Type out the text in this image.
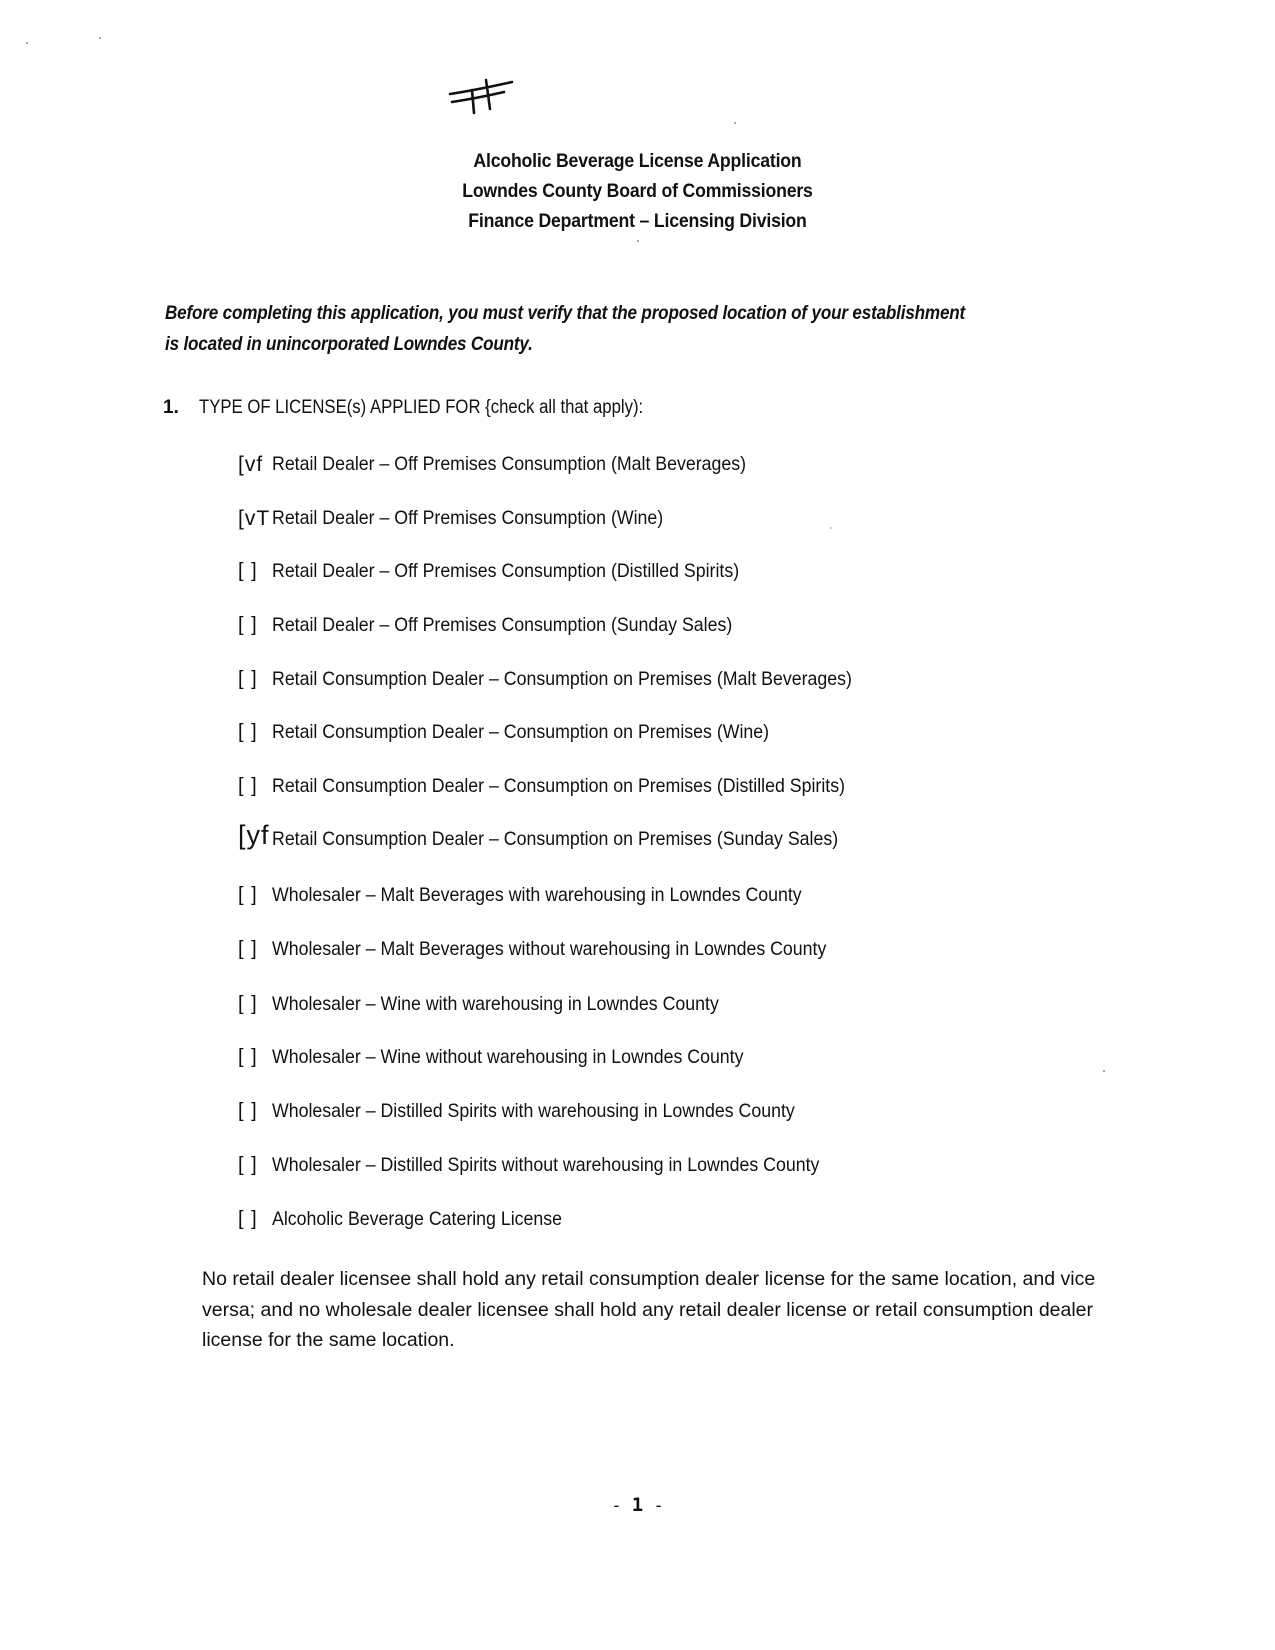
Alcoholic Beverage License Application
Lowndes County Board of Commissioners
Finance Department – Licensing Division
Before completing this application, you must verify that the proposed location of your establishment
is located in unincorporated Lowndes County.
1. TYPE OF LICENSE(s) APPLIED FOR {check all that apply):
[vf Retail Dealer – Off Premises Consumption (Malt Beverages)
[vТ Retail Dealer – Off Premises Consumption (Wine)
[ ] Retail Dealer – Off Premises Consumption (Distilled Spirits)
[ ] Retail Dealer – Off Premises Consumption (Sunday Sales)
[ ] Retail Consumption Dealer – Consumption on Premises (Malt Beverages)
[ ] Retail Consumption Dealer – Consumption on Premises (Wine)
[ ] Retail Consumption Dealer – Consumption on Premises (Distilled Spirits)
[yf Retail Consumption Dealer – Consumption on Premises (Sunday Sales)
[ ] Wholesaler – Malt Beverages with warehousing in Lowndes County
[ ] Wholesaler – Malt Beverages without warehousing in Lowndes County
[ ] Wholesaler – Wine with warehousing in Lowndes County
[ ] Wholesaler – Wine without warehousing in Lowndes County
[ ] Wholesaler – Distilled Spirits with warehousing in Lowndes County
[ ] Wholesaler – Distilled Spirits without warehousing in Lowndes County
[ ] Alcoholic Beverage Catering License
No retail dealer licensee shall hold any retail consumption dealer license for the same location, and vice versa; and no wholesale dealer licensee shall hold any retail dealer license or retail consumption dealer license for the same location.
- 1 -
